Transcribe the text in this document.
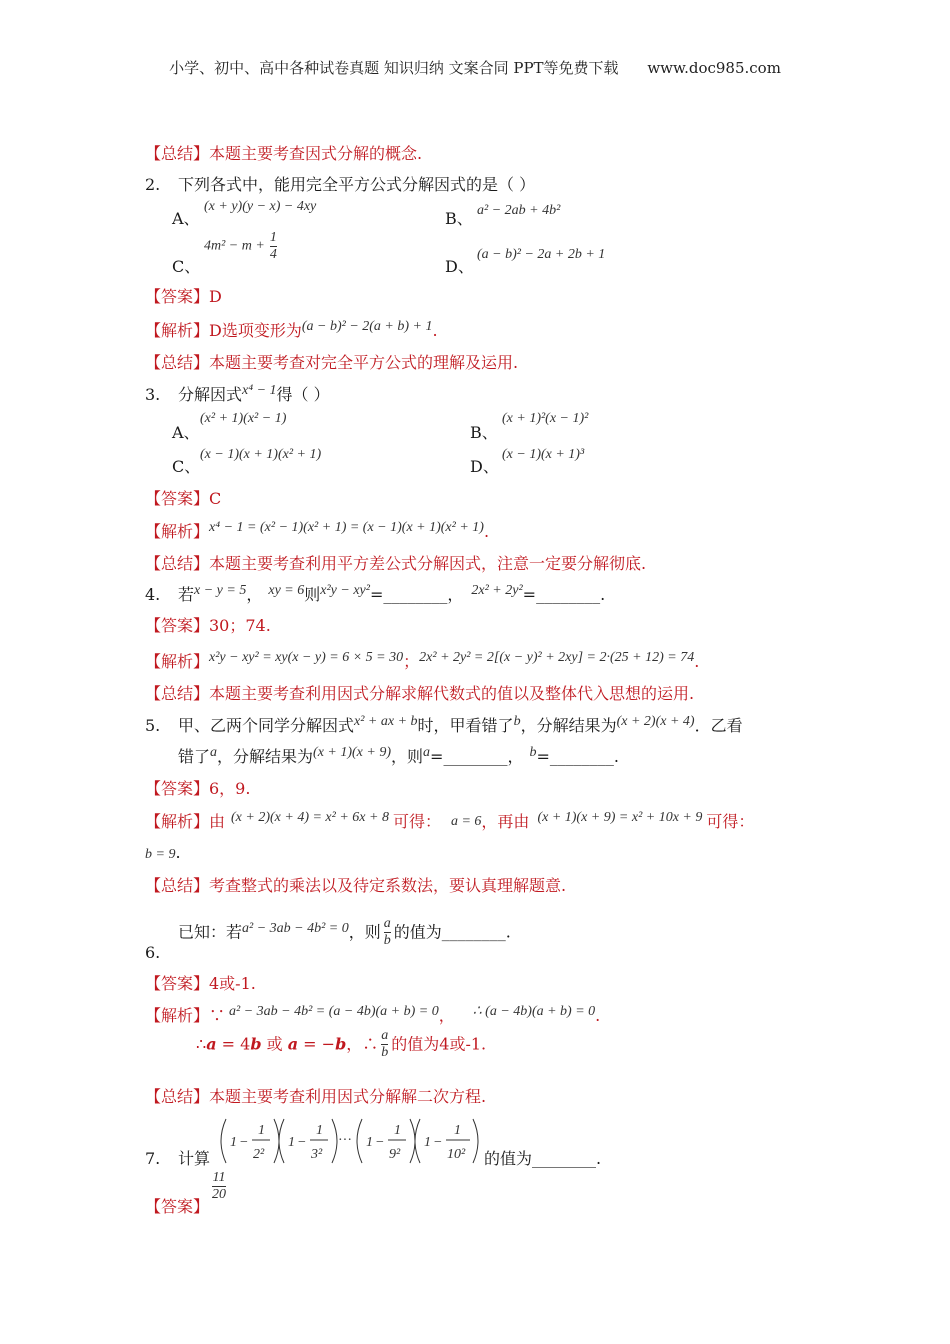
小学、初中、高中各种试卷真题 知识归纳 文案合同 PPT等免费下载 www.doc985.com
【总结】本题主要考查因式分解的概念.
2. 下列各式中，能用完全平方公式分解因式的是（ ）
A、
(x + y)(y − x) − 4xy
B、 a² − 2ab + 4b²
C、
$4m^2 - m + \frac{1}{4}$
D、
(a − b)² − 2a + 2b + 1
【答案】D
【解析】D选项变形为(a − b)² − 2(a + b) + 1.
【总结】本题主要考查对完全平方公式的理解及运用.
3. 分解因式x⁴ − 1得（ ）
A、
(x² + 1)(x² − 1)
B、
(x + 1)²(x − 1)²
C、
(x − 1)(x + 1)(x² + 1)
D、
(x − 1)(x + 1)³
【答案】C
【解析】x⁴ − 1 = (x² − 1)(x² + 1) = (x − 1)(x + 1)(x² + 1).
【总结】本题主要考查利用平方差公式分解因式，注意一定要分解彻底.
4. 若x − y = 5， xy = 6则x²y − xy²=________， 2x² + 2y²=________.
【答案】30；74.
【解析】x²y − xy² = xy(x − y) = 6 × 5 = 30；2x² + 2y² = 2[(x − y)² + 2xy] = 2·(25 + 12) = 74.
【总结】本题主要考查利用因式分解求解代数式的值以及整体代入思想的运用.
5. 甲、乙两个同学分解因式x² + ax + b时，甲看错了b，分解结果为(x + 2)(x + 4)．乙看
错了a，分解结果为(x + 1)(x + 9)，则a=________， b=________.
【答案】6，9.
【解析】由 (x + 2)(x + 4) = x² + 6x + 8 可得： a = 6，再由 (x + 1)(x + 9) = x² + 10x + 9 可得：
b = 9.
【总结】考查整式的乘法以及待定系数法，要认真理解题意.
6.
已知：若a² − 3ab − 4b² = 0，则 $\frac{a}{b}$ 的值为________.
【答案】4或-1.
【解析】∵ a² − 3ab − 4b² = (a − 4b)(a + b) = 0， ∴ (a − 4b)(a + b) = 0.
∴a = 4b 或 a = −b，∴ $\frac{a}{b}$ 的值为4或-1.
【总结】本题主要考查利用因式分解解二次方程.
7. 计算
1 −
1
2²
1 −
1
3²
··· 1 −
1
9²
1 −
1
10² 的值为________.
【答案】
$\frac{11}{20}$
